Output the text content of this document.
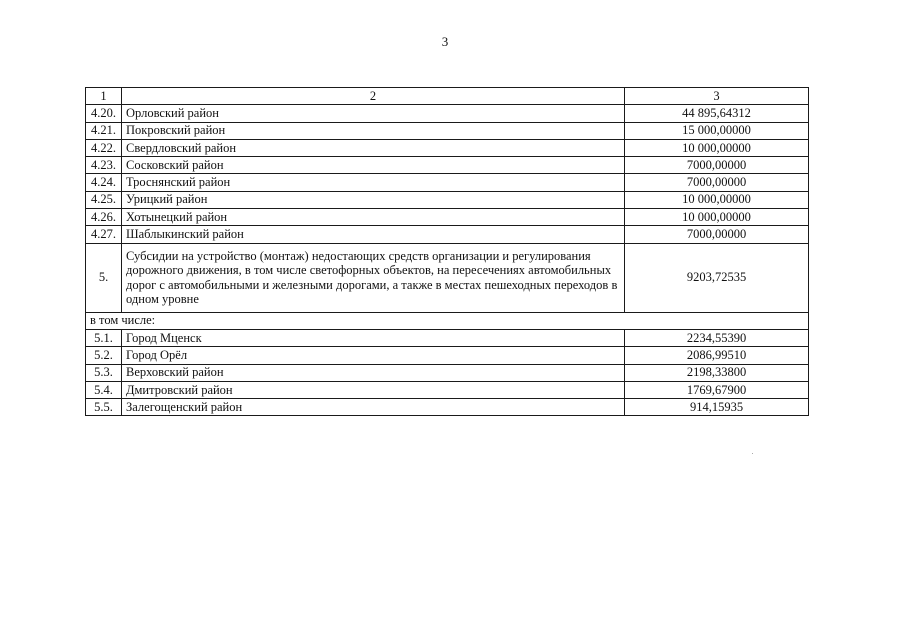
3
1	2	3
4.20.	Орловский район	44 895,64312
4.21.	Покровский район	15 000,00000
4.22.	Свердловский район	10 000,00000
4.23.	Сосковский район	7000,00000
4.24.	Троснянский район	7000,00000
4.25.	Урицкий район	10 000,00000
4.26.	Хотынецкий район	10 000,00000
4.27.	Шаблыкинский район	7000,00000
5.	Субсидии на устройство (монтаж) недостающих средств организации и регулирования дорожного движения, в том числе светофорных объектов, на пересечениях автомобильных дорог с автомобильными и железными дорогами, а также в местах пешеходных переходов в одном уровне	9203,72535
в том числе:		
5.1.	Город Мценск	2234,55390
5.2.	Город Орёл	2086,99510
5.3.	Верховский район	2198,33800
5.4.	Дмитровский район	1769,67900
5.5.	Залегощенский район	914,15935
